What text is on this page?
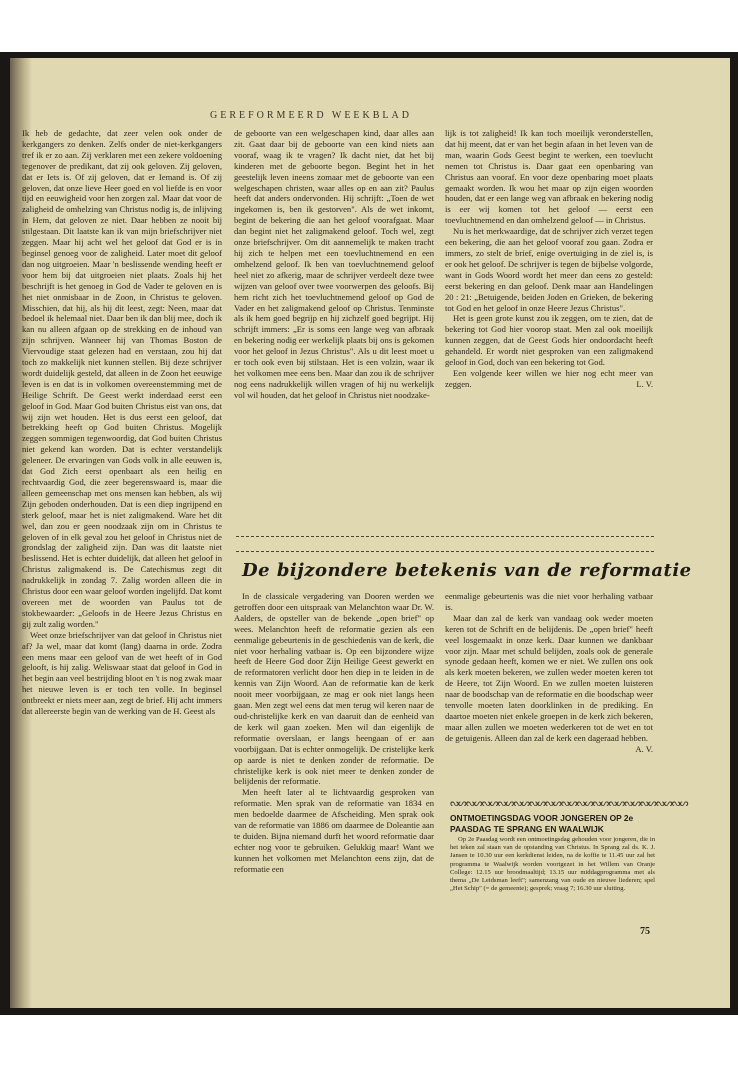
GEREFORMEERD WEEKBLAD

Ik heb de gedachte, dat zeer velen ook onder de kerkgangers zo denken. Zelfs onder de niet-kerkgangers tref ik er zo aan. Zij verklaren met een zekere voldoening tegenover de predikant, dat zij ook geloven. Zij geloven, dat er Iets is. Of zij geloven, dat er Iemand is. Of zij geloven, dat onze lieve Heer goed en vol liefde is en voor tijd en eeuwigheid voor hen zorgen zal. Maar dat voor de zaligheid de omhelzing van Christus nodig is, de inlijving in Hem, dat geloven ze niet. Daar hebben ze nooit bij stilgestaan. Dit laatste kan ik van mijn briefschrijver niet zeggen. Maar hij acht wel het geloof dat God er is in beginsel genoeg voor de zaligheid. Later moet dit geloof dan nog uitgroeien. Maar 'n beslissende wending heeft er voor hem bij dat uitgroeien niet plaats. Zoals hij het beschrijft is het genoeg in God de Vader te geloven en is het niet onmisbaar in de Zoon, in Christus te geloven. Misschien, dat hij, als hij dit leest, zegt: Neen, maar dat bedoel ik helemaal niet. Daar ben ik dan blij mee, doch ik kan nu alleen afgaan op de strekking en de inhoud van zijn schrijven. Wanneer hij van Thomas Boston de Viervoudige staat gelezen had en verstaan, zou hij dat toch zo makkelijk niet kunnen stellen. Bij deze schrijver wordt duidelijk gesteld, dat alleen in de Zoon het eeuwige leven is en dat is in volkomen overeenstemming met de Heilige Schrift. De Geest werkt inderdaad eerst een geloof in God. Maar God buiten Christus eist van ons, dat wij zijn wet houden. Het is dus eerst een geloof, dat betrekking heeft op God buiten Christus. Mogelijk zeggen sommigen tegenwoordig, dat God buiten Christus niet gekend kan worden. Dat is echter verstandelijk geleneer. De ervaringen van Gods volk in alle eeuwen is, dat God Zich eerst openbaart als een heilig en rechtvaardig God, die zeer begerenswaard is, maar die alleen gemeenschap met ons mensen kan hebben, als wij Zijn geboden onderhouden. Dat is een diep ingrijpend en sterk geloof, maar het is niet zaligmakend. Ware het dit wel, dan zou er geen noodzaak zijn om in Christus te geloven of in elk geval zou het geloof in Christus niet de grondslag der zaligheid zijn. Dan was dit laatste niet beslissend. Het is echter duidelijk, dat alleen het geloof in Christus zaligmakend is. De Catechismus zegt dit nadrukkelijk in zondag 7. Zalig worden alleen die in Christus door een waar geloof worden ingelijfd. Dat komt overeen met de woorden van Paulus tot de stokbewaarder: „Geloofs in de Heere Jezus Christus en gij zult zalig worden."

Weet onze briefschrijver van dat geloof in Christus niet af? Ja wel, maar dat komt (lang) daarna in orde. Zodra een mens maar een geloof van de wet heeft of in God gelooft, is hij zalig. Weliswaar staat dat geloof in God in het begin aan veel bestrijding bloot en 't is nog zwak maar het nieuwe leven is er toch ten volle. In beginsel ontbreekt er niets meer aan, zegt de brief. Hij acht immers dat allereerste begin van de werking van de H. Geest als

de geboorte van een welgeschapen kind, daar alles aan zit. Gaat daar bij de geboorte van een kind niets aan vooraf, waag ik te vragen? Ik dacht niet, dat het bij kinderen met de geboorte begon. Begint het in het geestelijk leven ineens zomaar met de geboorte van een welgeschapen christen, waar alles op en aan zit? Paulus heeft dat anders ondervonden. Hij schrijft: „Toen de wet ingekomen is, ben ik gestorven". Als de wet inkomt, begint de bekering die aan het geloof voorafgaat. Maar dan begint niet het zaligmakend geloof. Toch wel, zegt onze briefschrijver. Om dit aannemelijk te maken tracht hij zich te helpen met een toevluchtnemend en een omhelzend geloof. Ik ben van toevluchtnemend geloof heel niet zo afkerig, maar de schrijver verdeelt deze twee wijzen van geloof over twee voorwerpen des geloofs. Bij hem richt zich het toevluchtnemend geloof op God de Vader en het zaligmakend geloof op Christus. Tenminste als ik hem goed begrijp en hij zichzelf goed begrijpt. Hij schrijft immers: „Er is soms een lange weg van afbraak en bekering nodig eer werkelijk plaats bij ons is gekomen voor het geloof in Jezus Christus". Als u dit leest moet u er toch ook even bij stilstaan. Het is een volzin, waar ik het volkomen mee eens ben. Maar dan zou ik de schrijver nog eens nadrukkelijk willen vragen of hij nu werkelijk vol wil houden, dat het geloof in Christus niet noodzake-

lijk is tot zaligheid! Ik kan toch moeilijk veronderstellen, dat hij meent, dat er van het begin afaan in het leven van de man, waarin Gods Geest begint te werken, een toevlucht nemen tot Christus is. Daar gaat een openbaring van Christus aan vooraf. En voor deze openbaring moet plaats gemaakt worden. Ik wou het maar op zijn eigen woorden houden, dat er een lange weg van afbraak en bekering nodig is eer wij komen tot het geloof — eerst een toevluchtnemend en dan omhelzend geloof — in Christus.

Nu is het merkwaardige, dat de schrijver zich verzet tegen een bekering, die aan het geloof vooraf zou gaan. Zodra er immers, zo stelt de brief, enige overtuiging in de ziel is, is er ook het geloof. De schrijver is tegen de bijbelse volgorde, want in Gods Woord wordt het meer dan eens zo gesteld: eerst bekering en dan geloof. Denk maar aan Handelingen 20 : 21: „Betuigende, beiden Joden en Grieken, de bekering tot God en het geloof in onze Heere Jezus Christus".

Het is geen grote kunst zou ik zeggen, om te zien, dat de bekering tot God hier voorop staat. Men zal ook moeilijk kunnen zeggen, dat de Geest Gods hier ondoordacht heeft gehandeld. Er wordt niet gesproken van een zaligmakend geloof in God, doch van een bekering tot God.

Een volgende keer willen we hier nog echt meer van zeggen.	L. V.

De bijzondere betekenis van de reformatie

In de classicale vergadering van Dooren werden we getroffen door een uitspraak van Melanchton waar Dr. W. Aalders, de opsteller van de bekende „open brief" op wees. Melanchton heeft de reformatie gezien als een eenmalige gebeurtenis in de geschiedenis van de kerk, die niet voor herhaling vatbaar is. Op een bijzondere wijze heeft de Heere God door Zijn Heilige Geest gewerkt en de reformatoren verlicht door hen diep in te leiden in de kennis van Zijn Woord. Aan de reformatie kan de kerk nooit meer voorbijgaan, ze mag er ook niet langs heen gaan. Men zegt wel eens dat men terug wil keren naar de oud-christelijke kerk en van daaruit dan de eenheid van de kerk wil gaan zoeken. Men wil dan eigenlijk de reformatie overslaan, er langs heengaan of er aan voorbijgaan. Dat is echter onmogelijk. De cristelijke kerk op aarde is niet te denken zonder de reformatie. De christelijke kerk is ook niet meer te denken zonder de belijdenis der reformatie.

Men heeft later al te lichtvaardig gesproken van reformatie. Men sprak van de reformatie van 1834 en men bedoelde daarmee de Afscheiding. Men sprak ook van de reformatie van 1886 om daarmee de Doleantie aan te duiden. Bijna niemand durft het woord reformatie daar echter nog voor te gebruiken. Gelukkig maar! Want we kunnen het volkomen met Melanchton eens zijn, dat de reformatie een

eenmalige gebeurtenis was die niet voor herhaling vatbaar is.

Maar dan zal de kerk van vandaag ook weder moeten keren tot de Schrift en de belijdenis. De „open brief" heeft veel losgemaakt in onze kerk. Daar kunnen we dankbaar voor zijn. Maar met schuld belijden, zoals ook de generale synode gedaan heeft, komen we er niet. We zullen ons ook als kerk moeten bekeren, we zullen weder moeten keren tot de Heere, tot Zijn Woord. En we zullen moeten luisteren naar de boodschap van de reformatie en die boodschap weer tenvolle moeten laten doorklinken in de prediking. En daartoe moeten niet enkele groepen in de kerk zich bekeren, maar allen zullen we moeten wederkeren tot de wet en tot de getuigenis. Alleen dan zal de kerk een dageraad hebben.
A. V.

ᔓᔕᔓᔕᔓᔕᔓᔕᔓᔕᔓᔕᔓᔕᔓᔕᔓᔕᔓᔕᔓᔕᔓᔕᔓᔕᔓᔕᔓᔕ
ONTMOETINGSDAG VOOR JONGEREN OP 2e PAASDAG TE SPRANG EN WAALWIJK

Op 2e Paasdag wordt een ontmoetingsdag gehouden voor jongeren, die in het teken zal staan van de opstanding van Christus. In Sprang zal ds. K. J. Jansen te 10.30 uur een kerkdienst leiden, na de koffie te 11.45 uur zal het programma te Waalwijk worden voortgezet in het Willem van Oranje College: 12.15 uur broodmaaltijd; 13.15 uur middagprogramma met als thema „De Leidsman leeft"; samenzang van oude en nieuwe liederen; spel „Het Schip" (= de gemeente); gesprek; vraag 7; 16.30 uur sluiting.

75
